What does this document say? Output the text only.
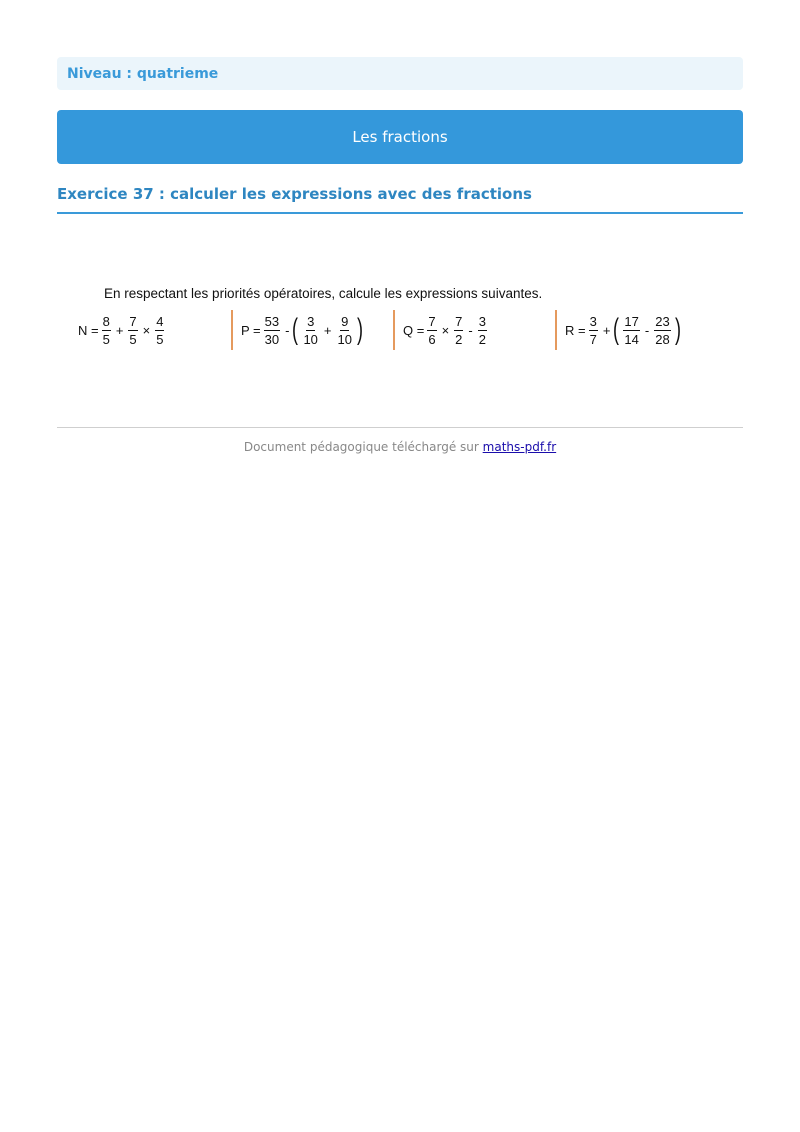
Niveau : quatrieme
Les fractions
Exercice 37 : calculer les expressions avec des fractions
En respectant les priorités opératoires, calcule les expressions suivantes.
$N = \frac{8}{5} + \frac{7}{5} \times \frac{4}{5}$	$P = \frac{53}{30}$ - ( $\frac{3}{10} + \frac{9}{10}$ )	$Q = \frac{7}{6} \times \frac{7}{2} - \frac{3}{2}$	$R = \frac{3}{7}$ + ( $\frac{17}{14} - \frac{23}{28}$ )
Document pédagogique téléchargé sur maths-pdf.fr
